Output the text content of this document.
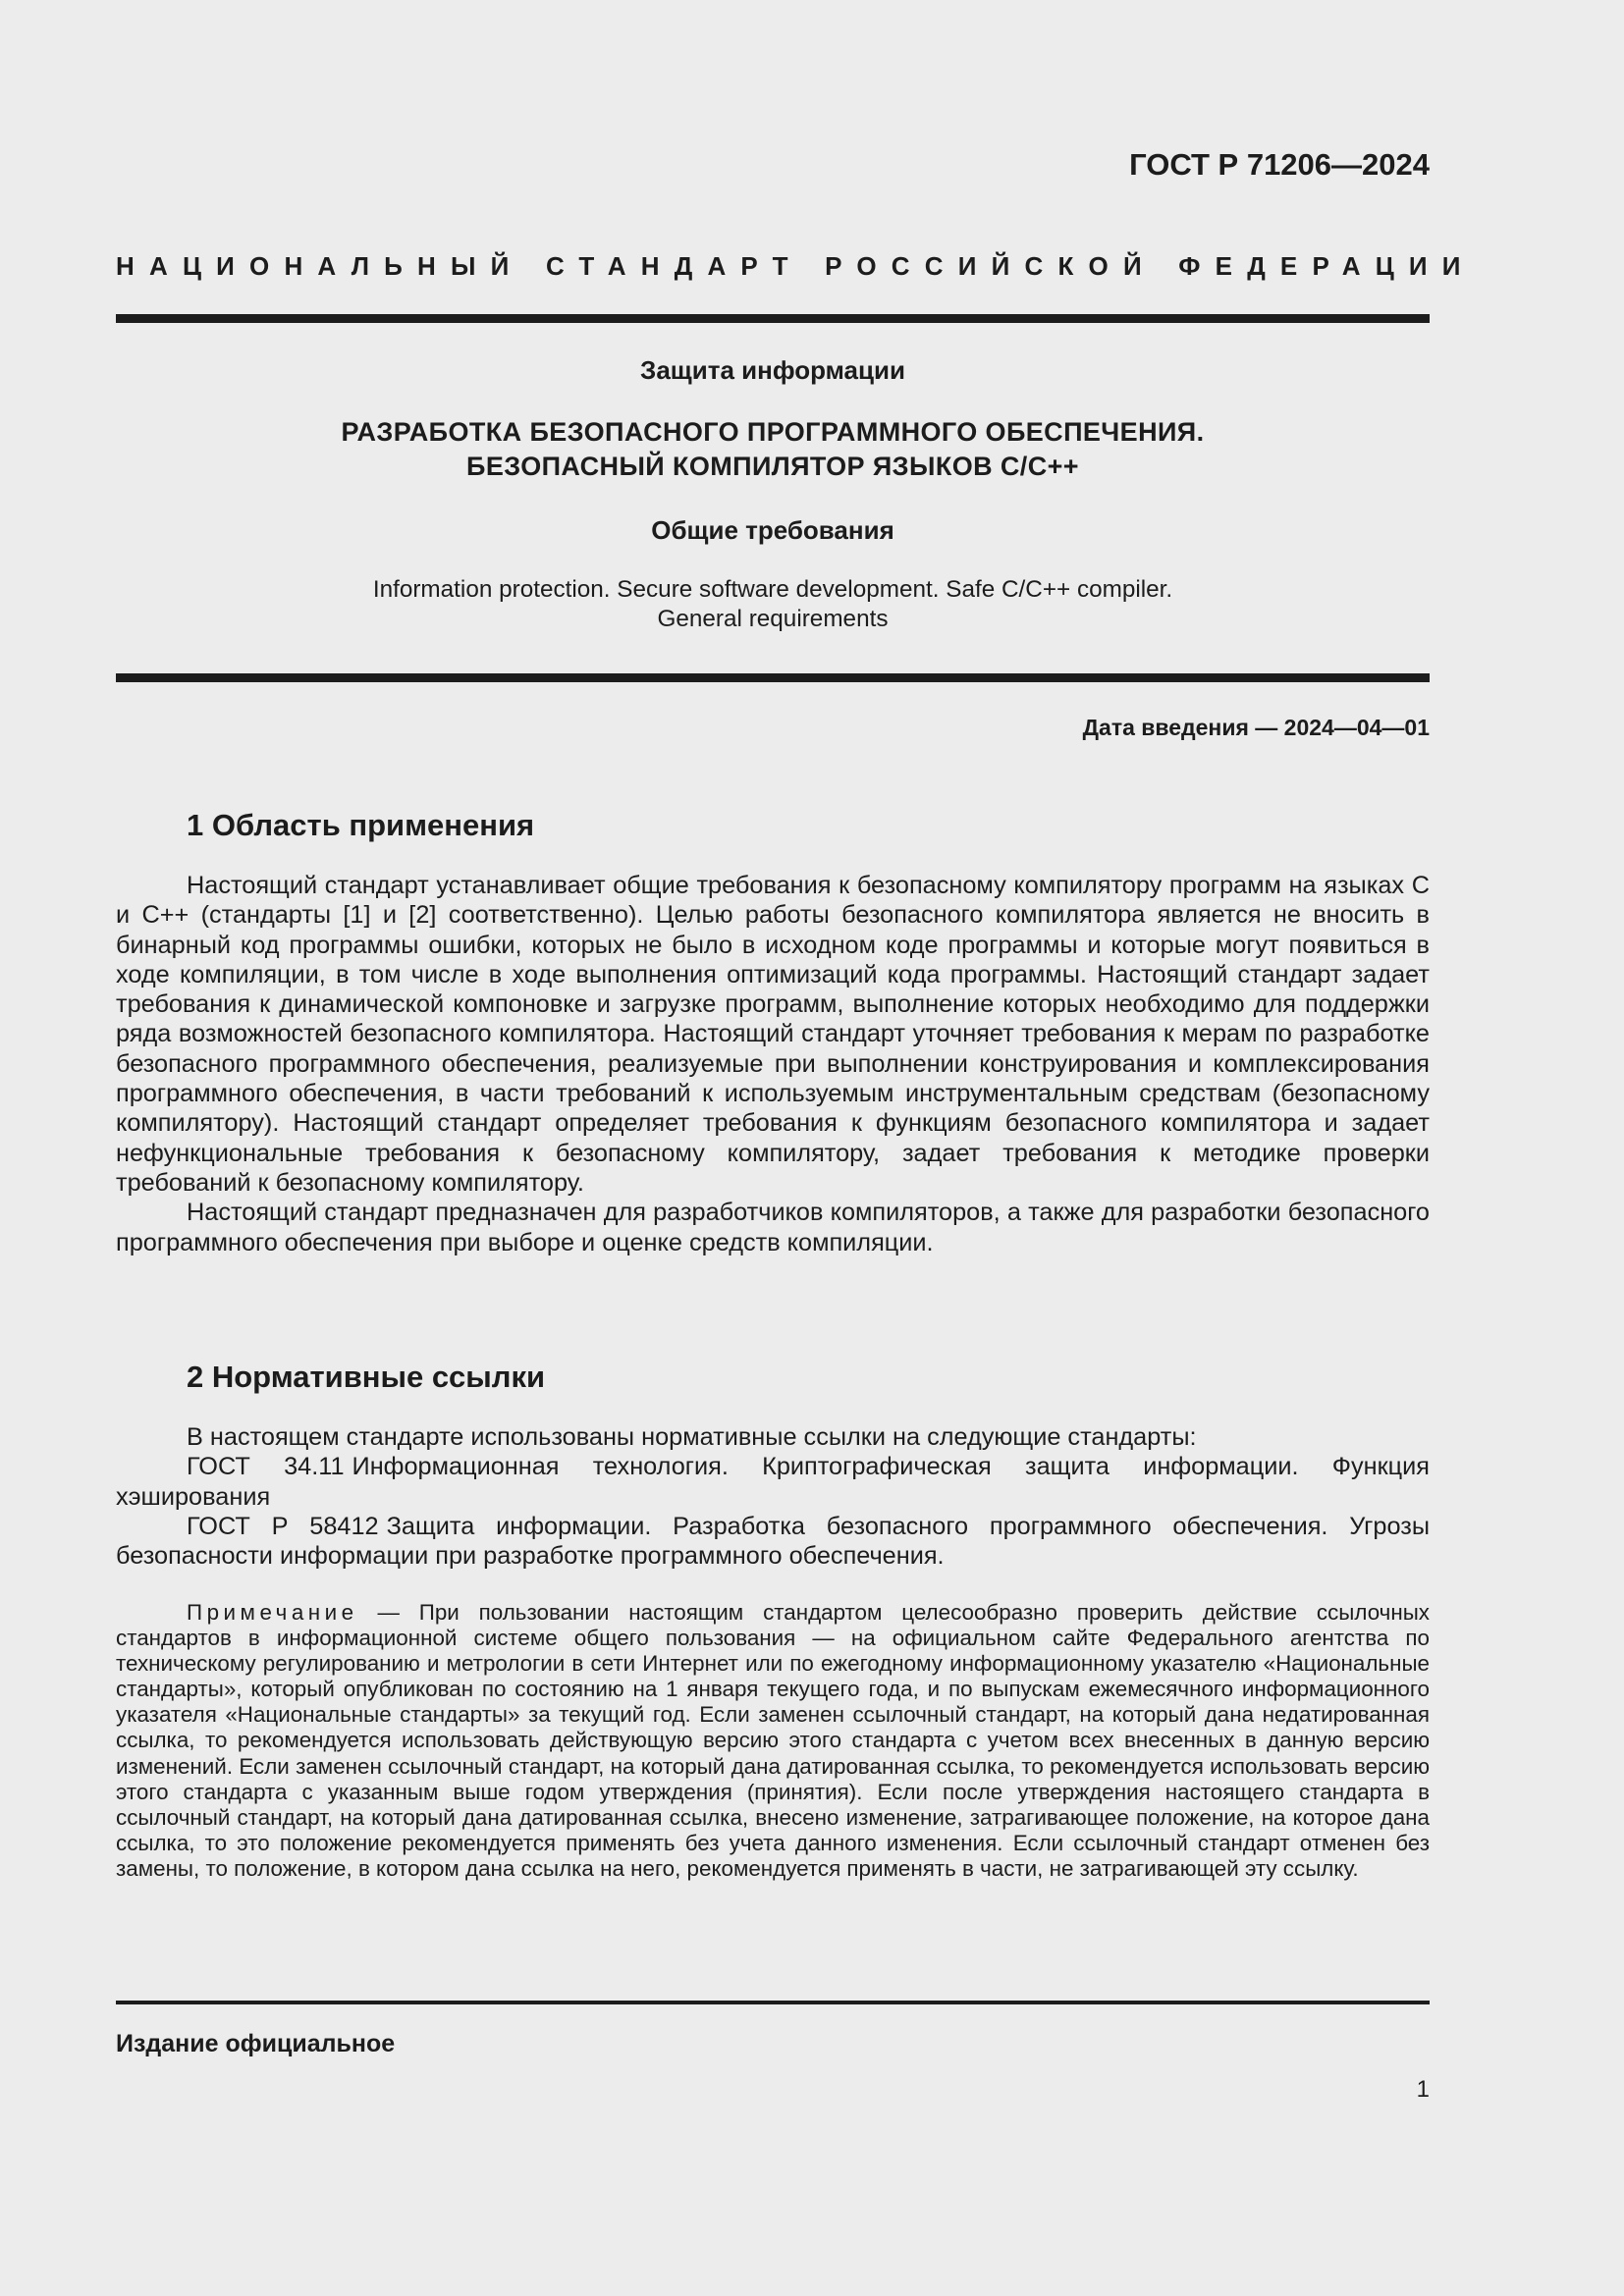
ГОСТ Р 71206—2024
НАЦИОНАЛЬНЫЙ СТАНДАРТ РОССИЙСКОЙ ФЕДЕРАЦИИ
Защита информации
РАЗРАБОТКА БЕЗОПАСНОГО ПРОГРАММНОГО ОБЕСПЕЧЕНИЯ.
БЕЗОПАСНЫЙ КОМПИЛЯТОР ЯЗЫКОВ С/С++
Общие требования
Information protection. Secure software development. Safe C/C++ compiler.
General requirements
Дата введения — 2024—04—01
1 Область применения

Настоящий стандарт устанавливает общие требования к безопасному компилятору программ на языках С и С++ (стандарты [1] и [2] соответственно). Целью работы безопасного компилятора является не вносить в бинарный код программы ошибки, которых не было в исходном коде программы и которые могут появиться в ходе компиляции, в том числе в ходе выполнения оптимизаций кода программы. Настоящий стандарт задает требования к динамической компоновке и загрузке программ, выполнение которых необходимо для поддержки ряда возможностей безопасного компилятора. Настоящий стандарт уточняет требования к мерам по разработке безопасного программного обеспечения, реализуемые при выполнении конструирования и комплексирования программного обеспечения, в части требований к используемым инструментальным средствам (безопасному компилятору). Настоящий стандарт определяет требования к функциям безопасного компилятора и задает нефункциональные требования к безопасному компилятору, задает требования к методике проверки требований к безопасному компилятору.

Настоящий стандарт предназначен для разработчиков компиляторов, а также для разработки безопасного программного обеспечения при выборе и оценке средств компиляции.

2 Нормативные ссылки

В настоящем стандарте использованы нормативные ссылки на следующие стандарты:

ГОСТ 34.11 Информационная технология. Криптографическая защита информации. Функция хэширования

ГОСТ Р 58412 Защита информации. Разработка безопасного программного обеспечения. Угрозы безопасности информации при разработке программного обеспечения.

Примечание — При пользовании настоящим стандартом целесообразно проверить действие ссылочных стандартов в информационной системе общего пользования — на официальном сайте Федерального агентства по техническому регулированию и метрологии в сети Интернет или по ежегодному информационному указателю «Национальные стандарты», который опубликован по состоянию на 1 января текущего года, и по выпускам ежемесячного информационного указателя «Национальные стандарты» за текущий год. Если заменен ссылочный стандарт, на который дана недатированная ссылка, то рекомендуется использовать действующую версию этого стандарта с учетом всех внесенных в данную версию изменений. Если заменен ссылочный стандарт, на который дана датированная ссылка, то рекомендуется использовать версию этого стандарта с указанным выше годом утверждения (принятия). Если после утверждения настоящего стандарта в ссылочный стандарт, на который дана датированная ссылка, внесено изменение, затрагивающее положение, на которое дана ссылка, то это положение рекомендуется применять без учета данного изменения. Если ссылочный стандарт отменен без замены, то положение, в котором дана ссылка на него, рекомендуется применять в части, не затрагивающей эту ссылку.

Издание официальное
1
